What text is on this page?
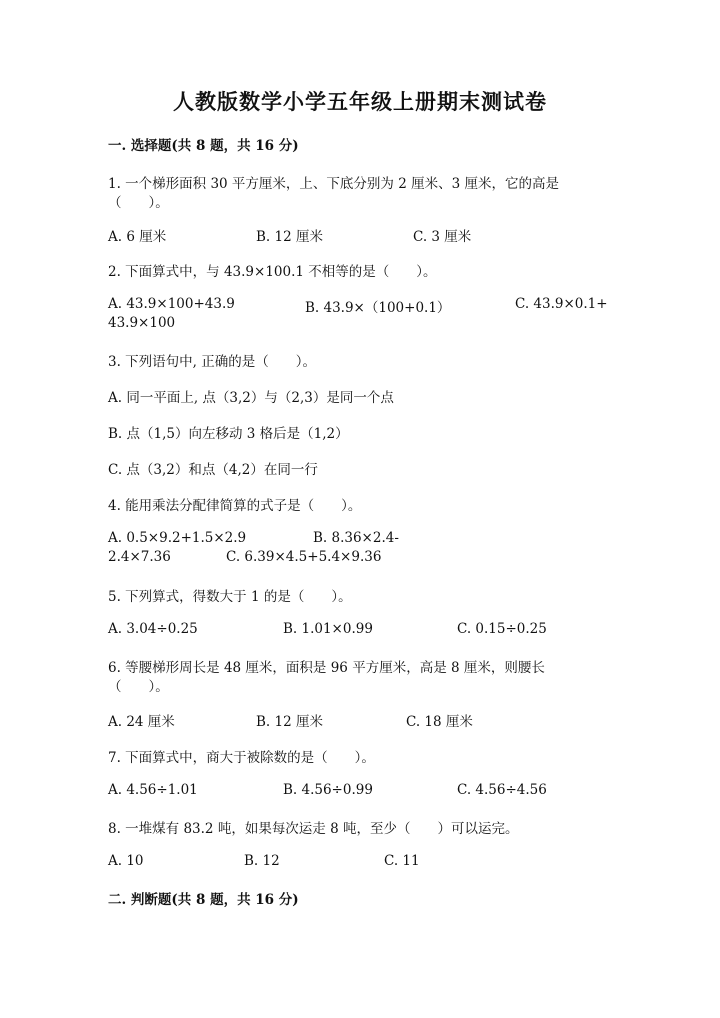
人教版数学小学五年级上册期末测试卷
一. 选择题(共 8 题，共 16 分)
1. 一个梯形面积 30 平方厘米，上、下底分别为 2 厘米、3 厘米，它的高是
（　　）。
A. 6 厘米	B. 12 厘米	C. 3 厘米
2. 下面算式中，与 43.9×100.1 不相等的是（　　）。
A. 43.9×100+43.9	B. 43.9×（100+0.1）	C. 43.9×0.1+
43.9×100
3. 下列语句中, 正确的是（　　）。
A. 同一平面上, 点（3,2）与（2,3）是同一个点
B. 点（1,5）向左移动 3 格后是（1,2）
C. 点（3,2）和点（4,2）在同一行
4. 能用乘法分配律简算的式子是（　　）。
A. 0.5×9.2+1.5×2.9	B. 8.36×2.4-
2.4×7.36	C. 6.39×4.5+5.4×9.36
5. 下列算式，得数大于 1 的是（　　）。
A. 3.04÷0.25	B. 1.01×0.99	C. 0.15÷0.25
6. 等腰梯形周长是 48 厘米，面积是 96 平方厘米，高是 8 厘米，则腰长
（　　）。
A. 24 厘米	B. 12 厘米	C. 18 厘米
7. 下面算式中，商大于被除数的是（　　）。
A. 4.56÷1.01	B. 4.56÷0.99	C. 4.56÷4.56
8. 一堆煤有 83.2 吨，如果每次运走 8 吨，至少（　　）可以运完。
A. 10	B. 12	C. 11
二. 判断题(共 8 题，共 16 分)
